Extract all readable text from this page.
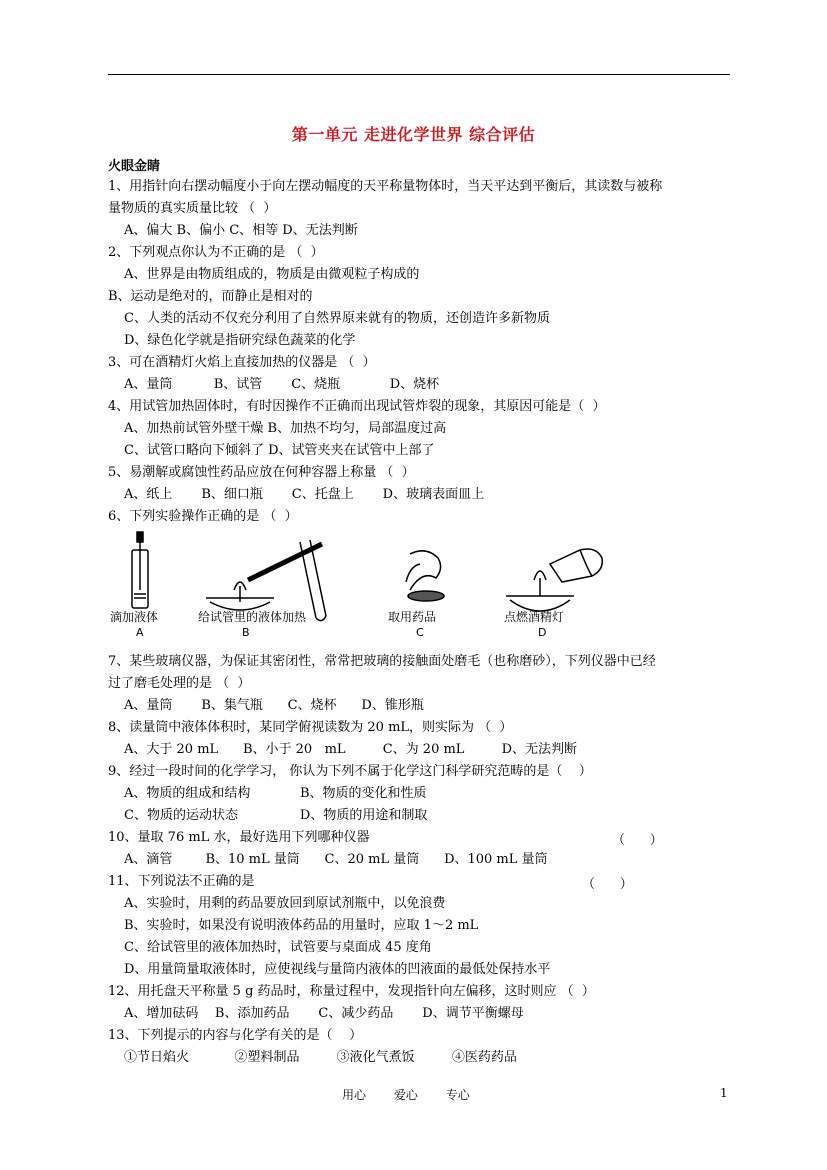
第一单元 走进化学世界 综合评估
火眼金睛
1、用指针向右摆动幅度小于向左摆动幅度的天平称量物体时，当天平达到平衡后，其读数与被称
量物质的真实质量比较 （  ）
A、偏大 B、偏小 C、相等 D、无法判断
2、下列观点你认为不正确的是 （  ）
A、世界是由物质组成的，物质是由微观粒子构成的
B、运动是绝对的，而静止是相对的
C、人类的活动不仅充分利用了自然界原来就有的物质，还创造许多新物质
D、绿色化学就是指研究绿色蔬菜的化学
3、可在酒精灯火焰上直接加热的仪器是 （  ）
A、量筒          B、试管       C、烧瓶            D、烧杯
4、用试管加热固体时，有时因操作不正确而出现试管炸裂的现象，其原因可能是（  ）
A、加热前试管外壁干燥 B、加热不均匀，局部温度过高
C、试管口略向下倾斜了 D、试管夹夹在试管中上部了
5、易潮解或腐蚀性药品应放在何种容器上称量 （  ）
A、纸上       B、细口瓶       C、托盘上       D、玻璃表面皿上
6、下列实验操作正确的是 （  ）
滴加液体	给试管里的液体加热	取用药品	点燃酒精灯
A	B	C	D
7、某些玻璃仪器，为保证其密闭性，常常把玻璃的接触面处磨毛（也称磨砂），下列仪器中已经
过了磨毛处理的是 （  ）
A、量筒       B、集气瓶      C、烧杯      D、锥形瓶
8、读量筒中液体体积时，某同学俯视读数为 20 mL，则实际为 （  ）
A、大于 20 mL      B、小于 20   mL         C、为 20 mL         D、无法判断
9、经过一段时间的化学学习， 你认为下列不属于化学这门科学研究范畴的是（    ）
A、物质的组成和结构            B、物质的变化和性质
C、物质的运动状态               D、物质的用途和制取
10、量取 76 mL 水，最好选用下列哪种仪器	（      ）
A、滴管        B、10 mL 量筒      C、20 mL 量筒      D、100 mL 量筒
11、下列说法不正确的是	（      ）
A、实验时，用剩的药品要放回到原试剂瓶中，以免浪费
B、实验时，如果没有说明液体药品的用量时，应取 1～2 mL
C、给试管里的液体加热时，试管要与桌面成 45 度角
D、用量筒量取液体时，应使视线与量筒内液体的凹液面的最低处保持水平
12、用托盘天平称量 5 g 药品时，称量过程中，发现指针向左偏移，这时则应 （  ）
A、增加砝码    B、添加药品       C、减少药品       D、调节平衡螺母
13、下列提示的内容与化学有关的是（    ）
①节日焰火           ②塑料制品         ③液化气煮饭         ④医药药品
用心 爱心 专心	1
